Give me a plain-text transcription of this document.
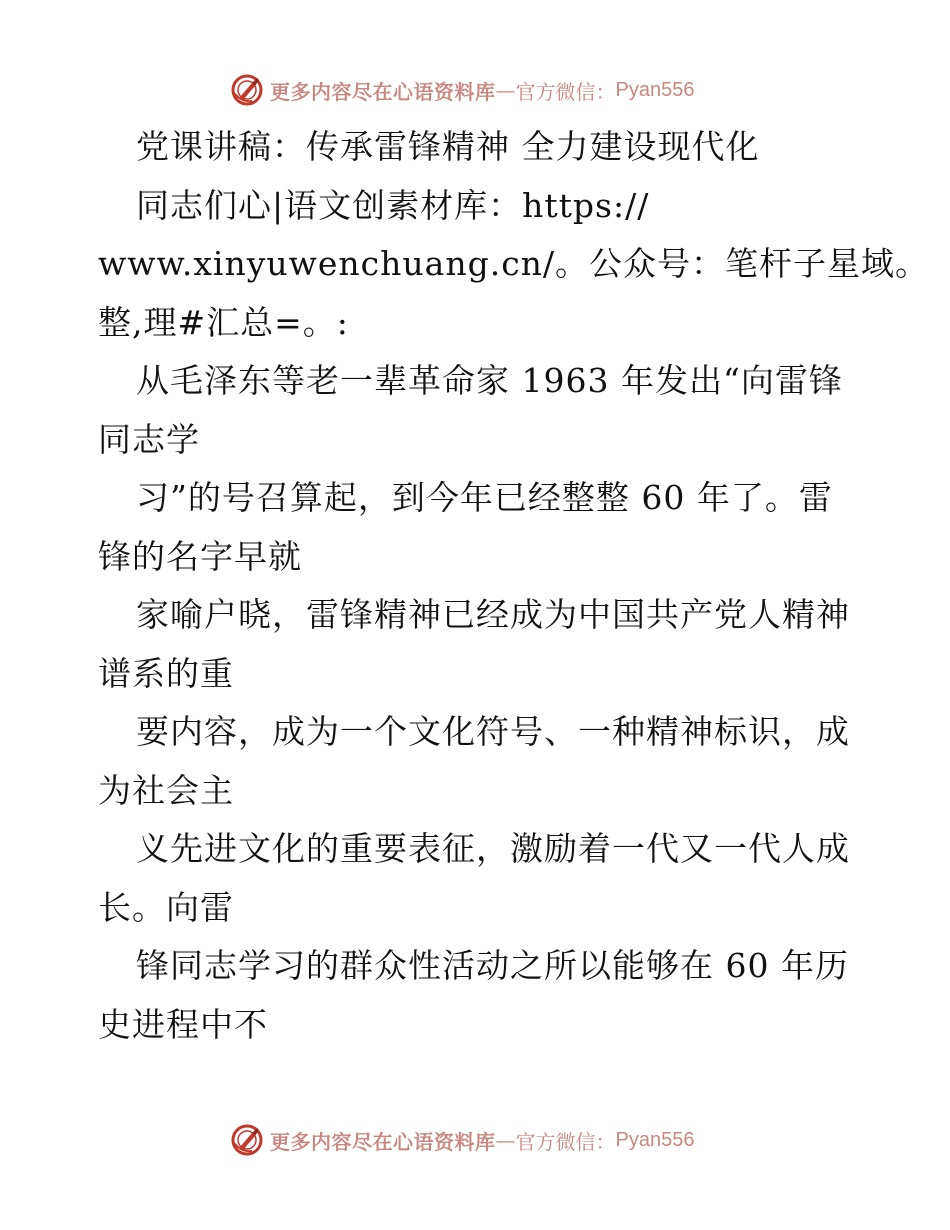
更多内容尽在心语资料库 — 官方微信： Pyan556
党课讲稿：传承雷锋精神 全力建设现代化
同志们心|语文创素材库：https://
www.xinyuwenchuang.cn/。公众号：笔杆子星域。
整,理#汇总=。:
从毛泽东等老一辈革命家 1963 年发出“向雷锋
同志学
习”的号召算起，到今年已经整整 60 年了。雷
锋的名字早就
家喻户晓，雷锋精神已经成为中国共产党人精神
谱系的重
要内容，成为一个文化符号、一种精神标识，成
为社会主
义先进文化的重要表征，激励着一代又一代人成
长。向雷
锋同志学习的群众性活动之所以能够在 60 年历
史进程中不
更多内容尽在心语资料库 — 官方微信： Pyan556
